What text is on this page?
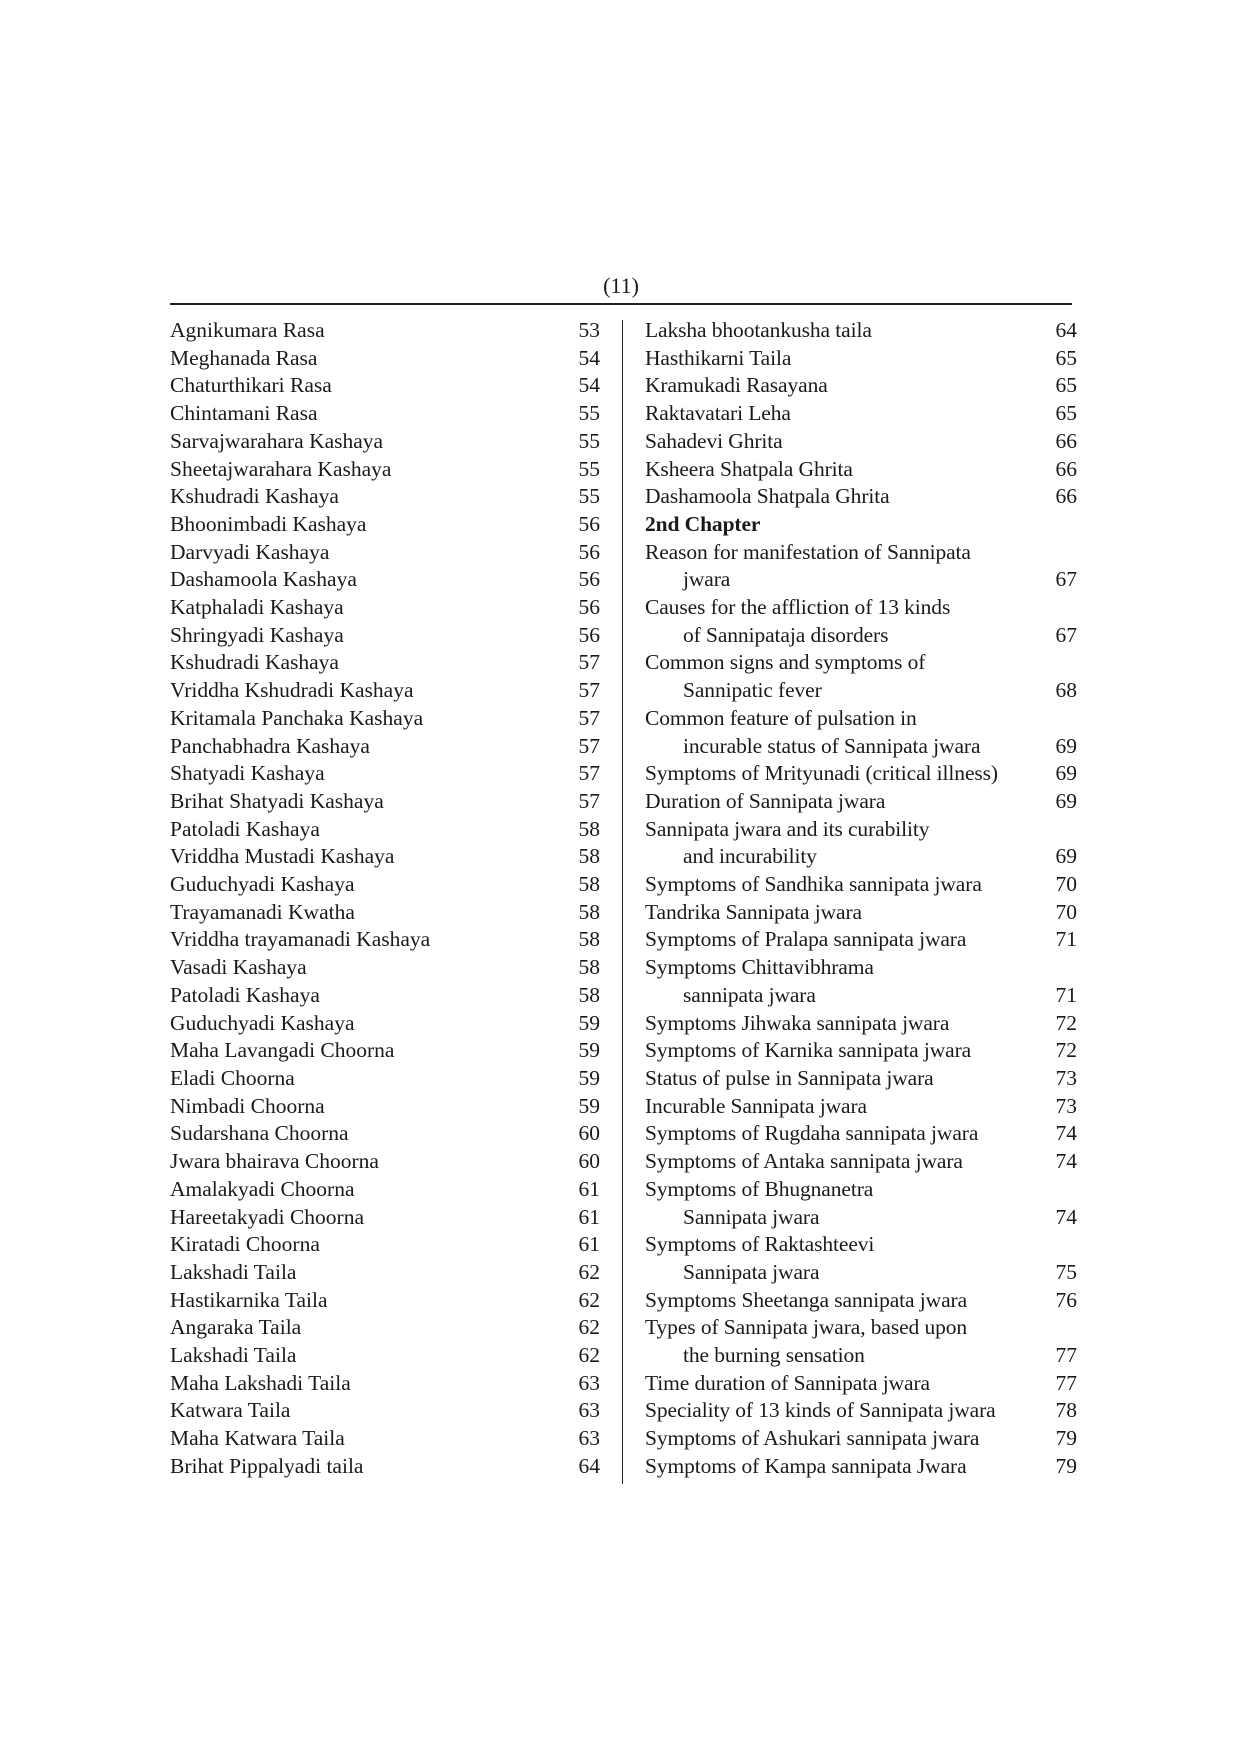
(11)
Agnikumara Rasa	53
Meghanada Rasa	54
Chaturthikari Rasa	54
Chintamani Rasa	55
Sarvajwarahara Kashaya	55
Sheetajwarahara Kashaya	55
Kshudradi Kashaya	55
Bhoonimbadi Kashaya	56
Darvyadi Kashaya	56
Dashamoola Kashaya	56
Katphaladi Kashaya	56
Shringyadi Kashaya	56
Kshudradi Kashaya	57
Vriddha Kshudradi Kashaya	57
Kritamala Panchaka Kashaya	57
Panchabhadra Kashaya	57
Shatyadi Kashaya	57
Brihat Shatyadi Kashaya	57
Patoladi Kashaya	58
Vriddha Mustadi Kashaya	58
Guduchyadi Kashaya	58
Trayamanadi Kwatha	58
Vriddha trayamanadi Kashaya	58
Vasadi Kashaya	58
Patoladi Kashaya	58
Guduchyadi Kashaya	59
Maha Lavangadi Choorna	59
Eladi Choorna	59
Nimbadi Choorna	59
Sudarshana Choorna	60
Jwara bhairava Choorna	60
Amalakyadi Choorna	61
Hareetakyadi Choorna	61
Kiratadi Choorna	61
Lakshadi Taila	62
Hastikarnika Taila	62
Angaraka Taila	62
Lakshadi Taila	62
Maha Lakshadi Taila	63
Katwara Taila	63
Maha Katwara Taila	63
Brihat Pippalyadi taila	64
Laksha bhootankusha taila	64
Hasthikarni Taila	65
Kramukadi Rasayana	65
Raktavatari Leha	65
Sahadevi Ghrita	66
Ksheera Shatpala Ghrita	66
Dashamoola Shatpala Ghrita	66
2nd Chapter
Reason for manifestation of Sannipata
jwara	67
Causes for the affliction of 13 kinds
of Sannipataja disorders	67
Common signs and symptoms of
Sannipatic fever	68
Common feature of pulsation in
incurable status of Sannipata jwara	69
Symptoms of Mrityunadi (critical illness)	69
Duration of Sannipata jwara	69
Sannipata jwara and its curability
and incurability	69
Symptoms of Sandhika sannipata jwara	70
Tandrika Sannipata jwara	70
Symptoms of Pralapa sannipata jwara	71
Symptoms Chittavibhrama
sannipata jwara	71
Symptoms Jihwaka sannipata jwara	72
Symptoms of Karnika sannipata jwara	72
Status of pulse in Sannipata jwara	73
Incurable Sannipata jwara	73
Symptoms of Rugdaha sannipata jwara	74
Symptoms of Antaka sannipata jwara	74
Symptoms of Bhugnanetra
Sannipata jwara	74
Symptoms of Raktashteevi
Sannipata jwara	75
Symptoms Sheetanga sannipata jwara	76
Types of Sannipata jwara, based upon
the burning sensation	77
Time duration of Sannipata jwara	77
Speciality of 13 kinds of Sannipata jwara	78
Symptoms of Ashukari sannipata jwara	79
Symptoms of Kampa sannipata Jwara	79
